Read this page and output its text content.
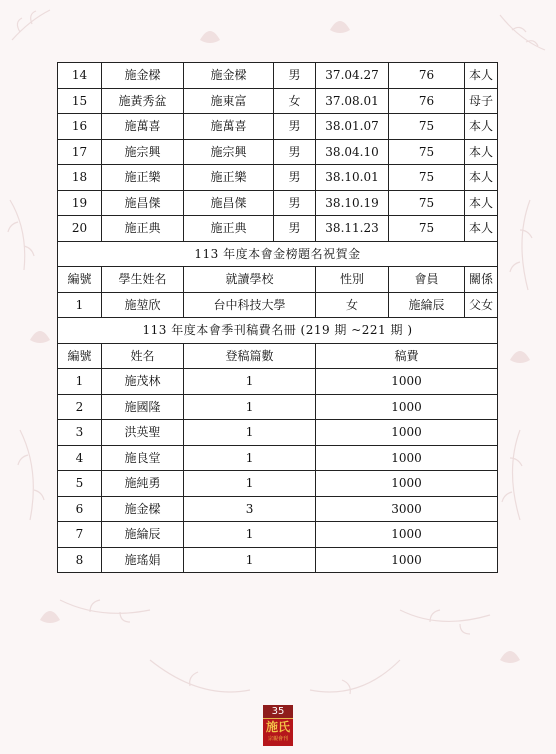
14	施金樑	施金樑	男	37.04.27	76	本人
15	施黃秀盆	施東富	女	37.08.01	76	母子
16	施萬喜	施萬喜	男	38.01.07	75	本人
17	施宗興	施宗興	男	38.04.10	75	本人
18	施正樂	施正樂	男	38.10.01	75	本人
19	施昌傑	施昌傑	男	38.10.19	75	本人
20	施正典	施正典	男	38.11.23	75	本人
113 年度本會金榜題名祝賀金						
編號	學生姓名	就讀學校		性別	會員	關係
1	施堃欣	台中科技大學		女	施綸辰	父女
113 年度本會季刊稿費名冊 (219 期 ~221 期 )						
編號	姓名	登稿篇數		稿費		
1	施茂林	1		1000		
2	施國隆	1		1000		
3	洪英聖	1		1000		
4	施良堂	1		1000		
5	施純勇	1		1000		
6	施金樑	3		3000		
7	施綸辰	1		1000		
8	施瑤娟	1		1000		
35
施氏
宗親會刊
